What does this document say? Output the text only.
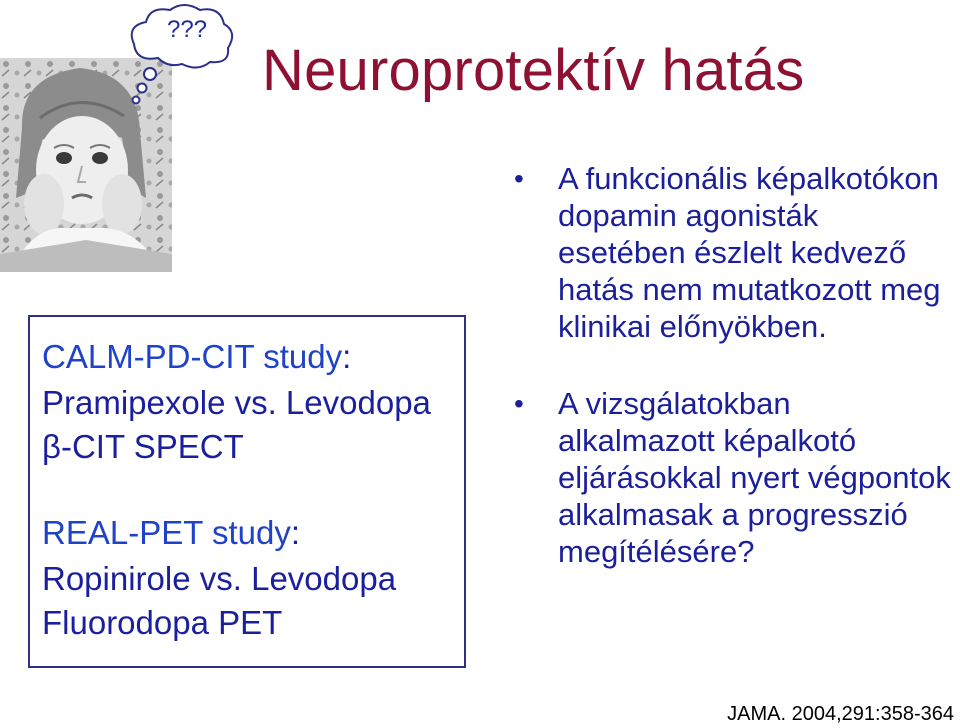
???
Neuroprotektív hatás
CALM-PD-CIT study:
Pramipexole vs. Levodopa
β-CIT SPECT
REAL-PET study:
Ropinirole vs. Levodopa
Fluorodopa PET
• A funkcionális képalkotókon dopamin agonisták esetében észlelt kedvező hatás nem mutatkozott meg klinikai előnyökben.
• A vizsgálatokban alkalmazott képalkotó eljárásokkal nyert végpontok alkalmasak a progresszió megítélésére?

JAMA. 2004,291:358-364
